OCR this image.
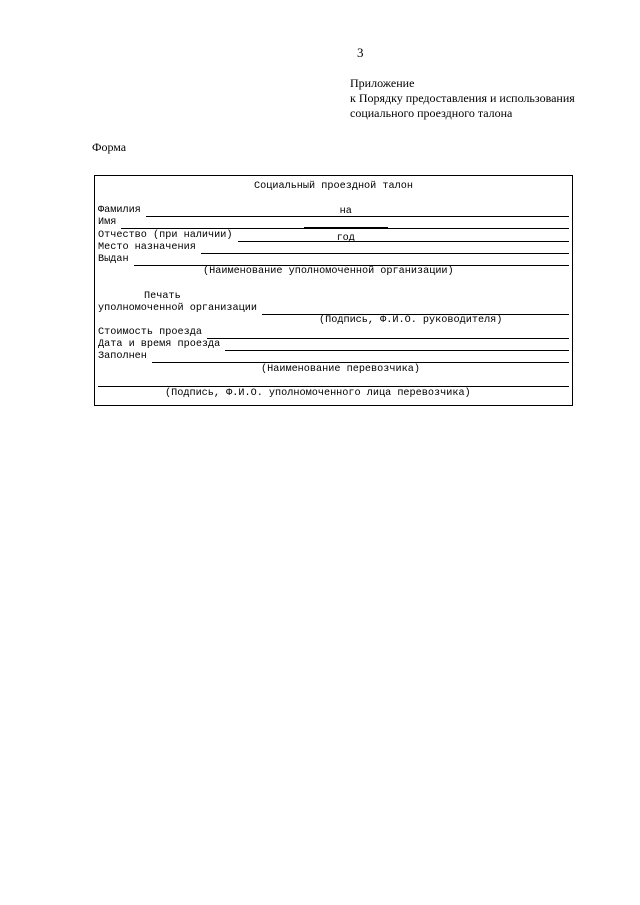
3
Приложение
к Порядку предоставления и использования
социального проездного талона
Форма
Социальный проездной талон

на

год

Фамилия
Имя
Отчество (при наличии)
Место назначения
Выдан
(Наименование уполномоченной организации)
Печать
уполномоченной организации
(Подпись, Ф.И.О. руководителя)
Стоимость проезда
Дата и время проезда
Заполнен
(Наименование перевозчика)
(Подпись, Ф.И.О. уполномоченного лица перевозчика)
